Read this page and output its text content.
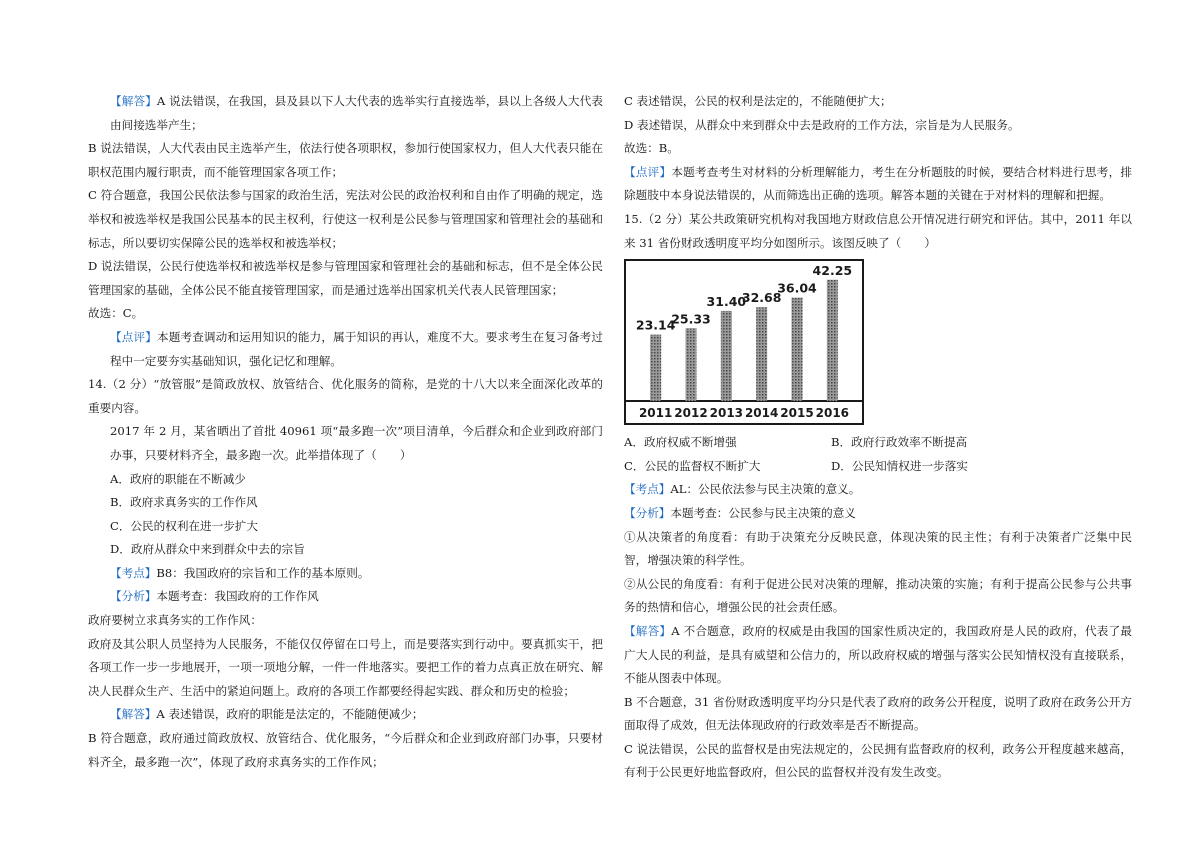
【解答】A 说法错误，在我国，县及县以下人大代表的选举实行直接选举，县以上各级人大代表由间接选举产生；

B 说法错误，人大代表由民主选举产生，依法行使各项职权，参加行使国家权力，但人大代表只能在职权范围内履行职责，而不能管理国家各项工作；

C 符合题意，我国公民依法参与国家的政治生活，宪法对公民的政治权利和自由作了明确的规定，选举权和被选举权是我国公民基本的民主权利，行使这一权利是公民参与管理国家和管理社会的基础和标志，所以要切实保障公民的选举权和被选举权；

D 说法错误，公民行使选举权和被选举权是参与管理国家和管理社会的基础和标志，但不是全体公民管理国家的基础，全体公民不能直接管理国家，而是通过选举出国家机关代表人民管理国家；

故选：C。

【点评】本题考查调动和运用知识的能力，属于知识的再认，难度不大。要求考生在复习备考过程中一定要夯实基础知识，强化记忆和理解。

14.（2 分）“放管服”是简政放权、放管结合、优化服务的简称，是党的十八大以来全面深化改革的重要内容。

2017 年 2 月，某省晒出了首批 40961 项“最多跑一次”项目清单，今后群众和企业到政府部门办事，只要材料齐全，最多跑一次。此举措体现了（　　）

A．政府的职能在不断减少

B．政府求真务实的工作作风

C．公民的权利在进一步扩大

D．政府从群众中来到群众中去的宗旨

【考点】B8：我国政府的宗旨和工作的基本原则。

【分析】本题考查：我国政府的工作作风

政府要树立求真务实的工作作风：

政府及其公职人员坚持为人民服务，不能仅仅停留在口号上，而是要落实到行动中。要真抓实干，把各项工作一步一步地展开，一项一项地分解，一件一件地落实。要把工作的着力点真正放在研究、解决人民群众生产、生活中的紧迫问题上。政府的各项工作都要经得起实践、群众和历史的检验；

【解答】A 表述错误，政府的职能是法定的，不能随便减少；

B 符合题意，政府通过简政放权、放管结合、优化服务，“今后群众和企业到政府部门办事，只要材料齐全，最多跑一次”，体现了政府求真务实的工作作风；

C 表述错误，公民的权利是法定的，不能随便扩大；

D 表述错误，从群众中来到群众中去是政府的工作方法，宗旨是为人民服务。

故选：B。

【点评】本题考查考生对材料的分析理解能力，考生在分析题肢的时候，要结合材料进行思考，排除题肢中本身说法错误的，从而筛选出正确的选项。解答本题的关键在于对材料的理解和把握。

15.（2 分）某公共政策研究机构对我国地方财政信息公开情况进行研究和评估。其中，2011 年以来 31 省份财政透明度平均分如图所示。该图反映了（　　）

23.14
2011
25.33
2012
31.40
2013
32.68
2014
36.04
2015
42.25
2016
A．政府权威不断增强	B．政府行政效率不断提高
C．公民的监督权不断扩大	D．公民知情权进一步落实

【考点】AL：公民依法参与民主决策的意义。

【分析】本题考查：公民参与民主决策的意义

①从决策者的角度看：有助于决策充分反映民意，体现决策的民主性；有利于决策者广泛集中民智，增强决策的科学性。

②从公民的角度看：有利于促进公民对决策的理解，推动决策的实施；有利于提高公民参与公共事务的热情和信心，增强公民的社会责任感。

【解答】A 不合题意，政府的权威是由我国的国家性质决定的，我国政府是人民的政府，代表了最广大人民的利益，是具有威望和公信力的，所以政府权威的增强与落实公民知情权没有直接联系，不能从图表中体现。

B 不合题意，31 省份财政透明度平均分只是代表了政府的政务公开程度，说明了政府在政务公开方面取得了成效，但无法体现政府的行政效率是否不断提高。

C 说法错误，公民的监督权是由宪法规定的，公民拥有监督政府的权利，政务公开程度越来越高，有利于公民更好地监督政府，但公民的监督权并没有发生改变。
